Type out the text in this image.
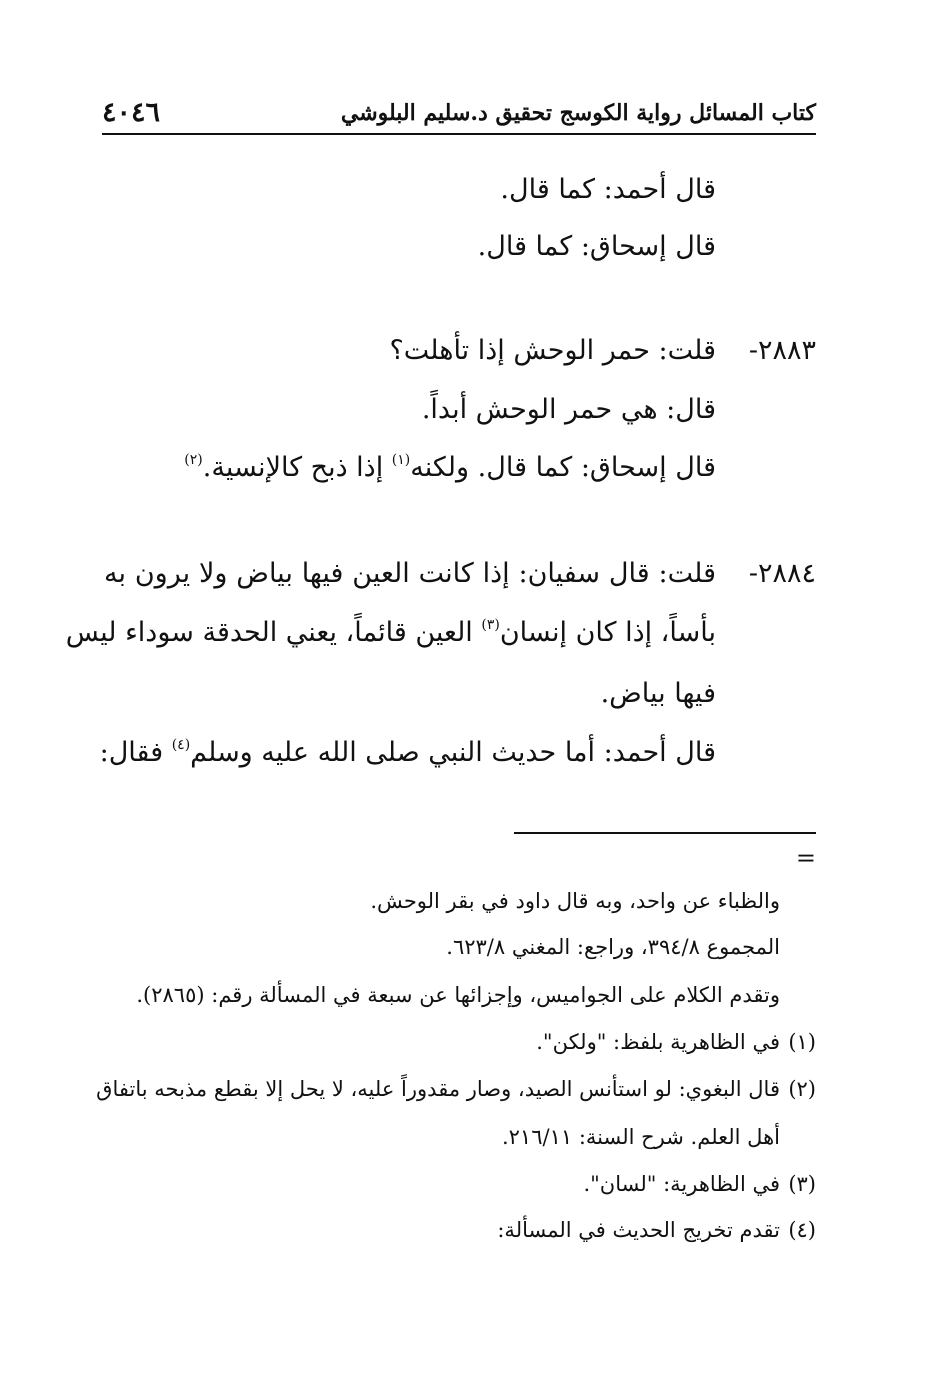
كتاب المسائل رواية الكوسج تحقيق د.سليم البلوشي
٤٠٤٦
قال أحمد: كما قال.
قال إسحاق: كما قال.
٢٨٨٣-قلت: حمر الوحش إذا تأهلت؟
قال: هي حمر الوحش أبداً.
قال إسحاق: كما قال. ولكنه$^{(١)}$ إذا ذبح كالإنسية.$^{(٢)}$
٢٨٨٤-قلت: قال سفيان: إذا كانت العين فيها بياض ولا يرون به
بأساً، إذا كان إنسان$^{(٣)}$ العين قائماً، يعني الحدقة سوداء ليس
فيها بياض.
قال أحمد: أما حديث النبي صلى الله عليه وسلم$^{(٤)}$ فقال:
=
والظباء عن واحد، وبه قال داود في بقر الوحش.
المجموع ٣٩٤/٨، وراجع: المغني ٦٢٣/٨.
وتقدم الكلام على الجواميس، وإجزائها عن سبعة في المسألة رقم: (٢٨٦٥).
(١)في الظاهرية بلفظ: "ولكن".
(٢)قال البغوي: لو استأنس الصيد، وصار مقدوراً عليه، لا يحل إلا بقطع مذبحه باتفاق
أهل العلم. شرح السنة: ٢١٦/١١.
(٣)في الظاهرية: "لسان".
(٤)تقدم تخريج الحديث في المسألة:
